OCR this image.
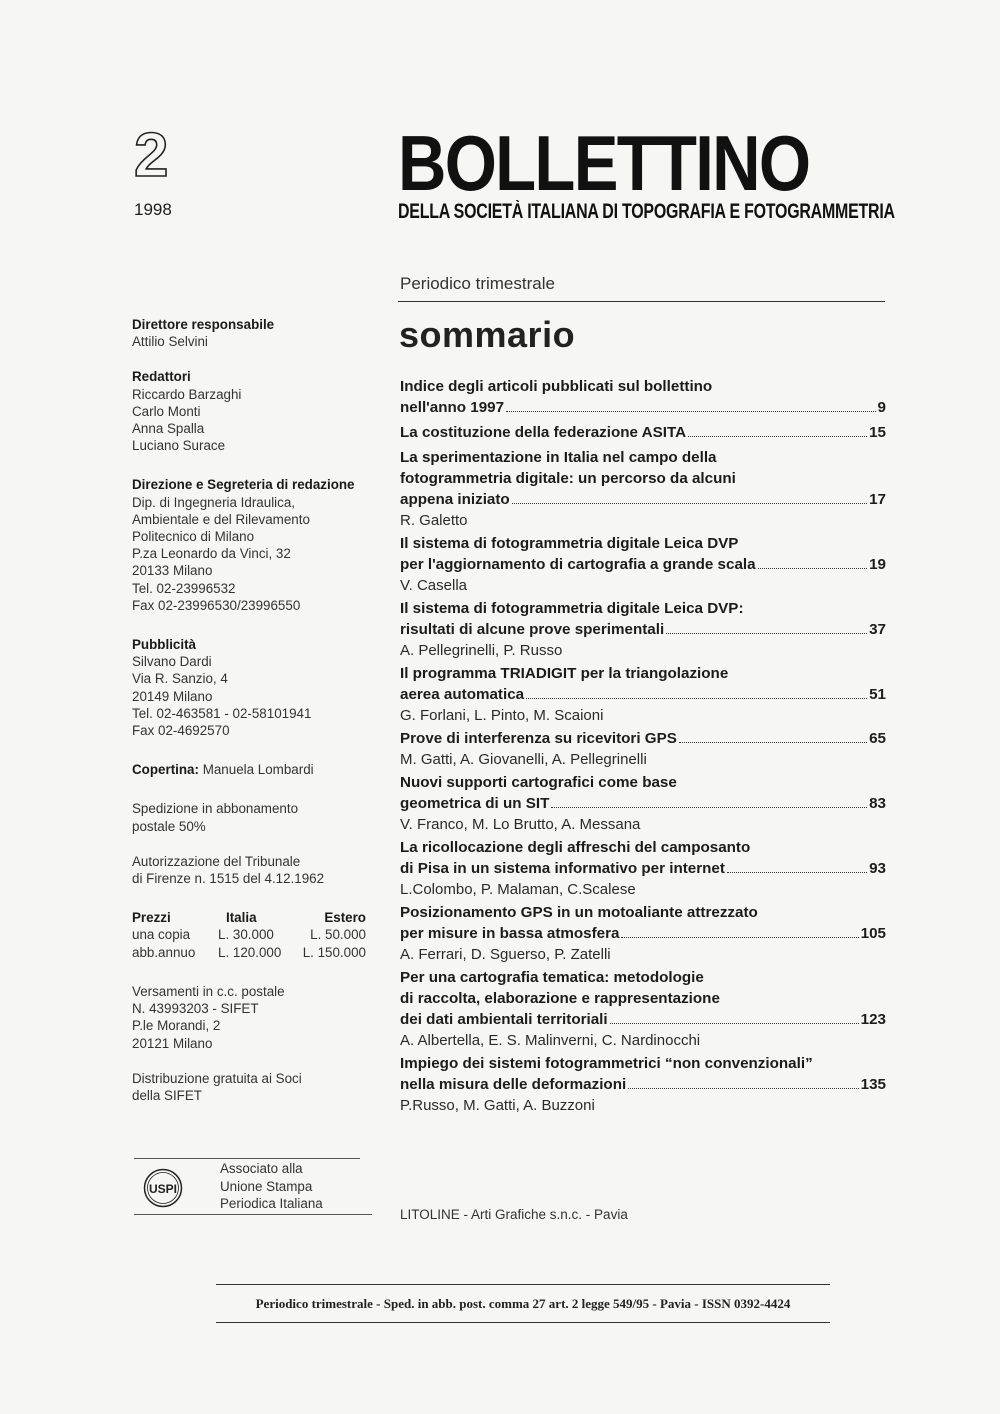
2
1998
BOLLETTINO
DELLA SOCIETÀ ITALIANA DI TOPOGRAFIA E FOTOGRAMMETRIA
Periodico trimestrale
Direttore responsabile
Attilio Selvini
Redattori
Riccardo Barzaghi
Carlo Monti
Anna Spalla
Luciano Surace
Direzione e Segreteria di redazione
Dip. di Ingegneria Idraulica,
Ambientale e del Rilevamento
Politecnico di Milano
P.za Leonardo da Vinci, 32
20133 Milano
Tel. 02-23996532
Fax 02-23996530/23996550
Pubblicità
Silvano Dardi
Via R. Sanzio, 4
20149 Milano
Tel. 02-463581 - 02-58101941
Fax 02-4692570
Copertina: Manuela Lombardi
Spedizione in abbonamento
postale 50%
Autorizzazione del Tribunale
di Firenze n. 1515 del 4.12.1962
Prezzi	Italia	Estero
una copia	L. 30.000	L. 50.000
abb.annuo	L. 120.000	L. 150.000
Versamenti in c.c. postale
N. 43993203 - SIFET
P.le Morandi, 2
20121 Milano
Distribuzione gratuita ai Soci
della SIFET
USPI
Associato alla
Unione Stampa
Periodica Italiana
sommario
Indice degli articoli pubblicati sul bollettino
nell'anno 1997	9
La costituzione della federazione ASITA	15
La sperimentazione in Italia nel campo della
fotogrammetria digitale: un percorso da alcuni
appena iniziato	17
R. Galetto
Il sistema di fotogrammetria digitale Leica DVP
per l'aggiornamento di cartografia a grande scala	19
V. Casella
Il sistema di fotogrammetria digitale Leica DVP:
risultati di alcune prove sperimentali	37
A. Pellegrinelli, P. Russo
Il programma TRIADIGIT per la triangolazione
aerea automatica	51
G. Forlani, L. Pinto, M. Scaioni
Prove di interferenza su ricevitori GPS	65
M. Gatti, A. Giovanelli, A. Pellegrinelli
Nuovi supporti cartografici come base
geometrica di un SIT	83
V. Franco, M. Lo Brutto, A. Messana
La ricollocazione degli affreschi del camposanto
di Pisa in un sistema informativo per internet	93
L.Colombo, P. Malaman, C.Scalese
Posizionamento GPS in un motoaliante attrezzato
per misure in bassa atmosfera	105
A. Ferrari, D. Sguerso, P. Zatelli
Per una cartografia tematica: metodologie
di raccolta, elaborazione e rappresentazione
dei dati ambientali territoriali	123
A. Albertella, E. S. Malinverni, C. Nardinocchi
Impiego dei sistemi fotogrammetrici “non convenzionali”
nella misura delle deformazioni	135
P.Russo, M. Gatti, A. Buzzoni
LITOLINE - Arti Grafiche s.n.c. - Pavia
Periodico trimestrale - Sped. in abb. post. comma 27 art. 2 legge 549/95 - Pavia - ISSN 0392-4424
